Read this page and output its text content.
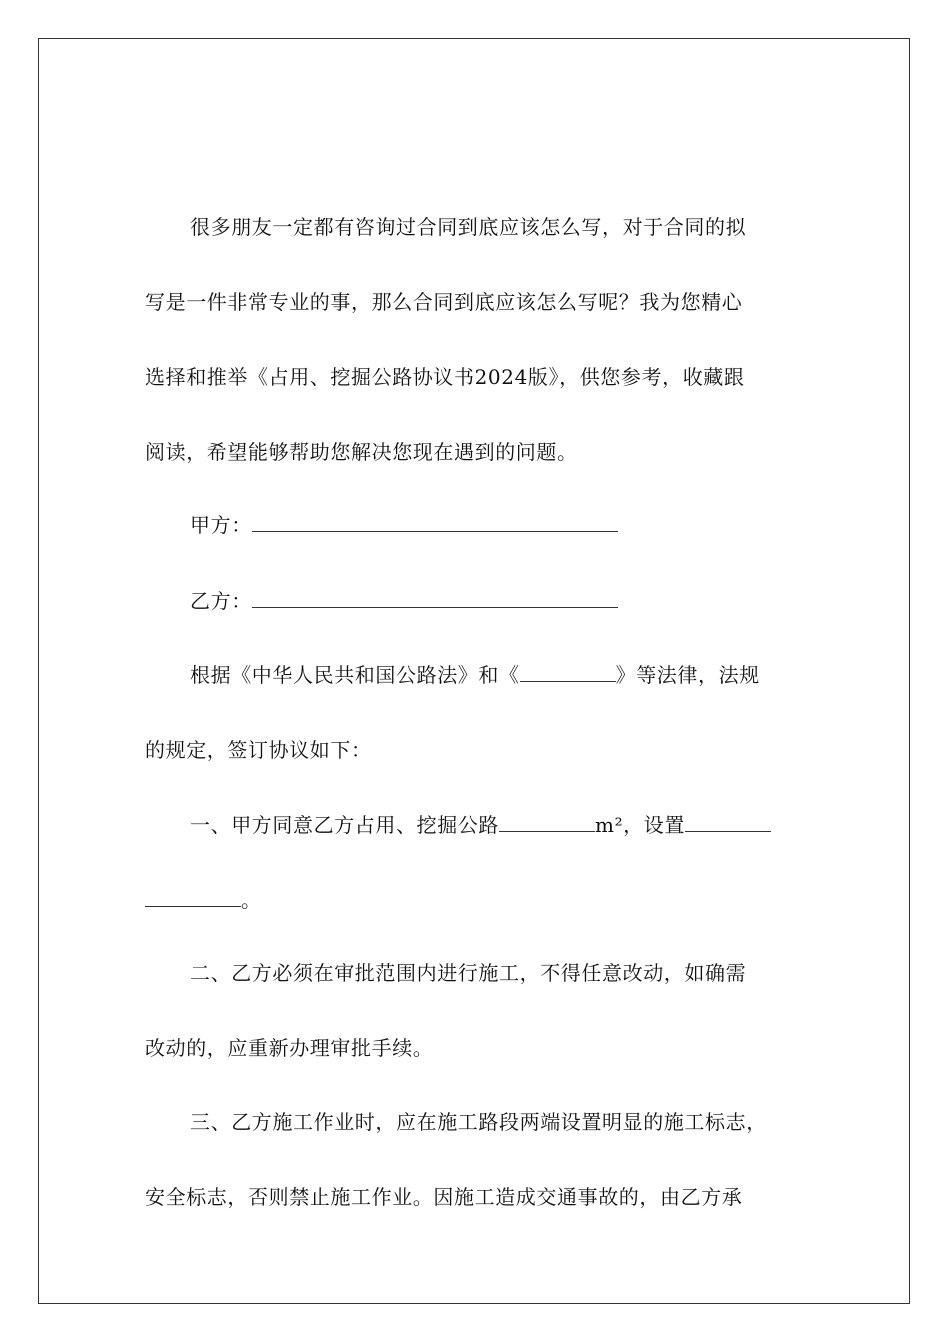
很多朋友一定都有咨询过合同到底应该怎么写，对于合同的拟
写是一件非常专业的事，那么合同到底应该怎么写呢？我为您精心
选择和推举《占用、挖掘公路协议书2024版》，供您参考，收藏跟
阅读，希望能够帮助您解决您现在遇到的问题。
甲方：
乙方：
根据《中华人民共和国公路法》和《	》等法律，法规
的规定，签订协议如下：
一、甲方同意乙方占用、挖掘公路	m²，设置
。
二、乙方必须在审批范围内进行施工，不得任意改动，如确需
改动的，应重新办理审批手续。
三、乙方施工作业时，应在施工路段两端设置明显的施工标志，
安全标志，否则禁止施工作业。因施工造成交通事故的，由乙方承
